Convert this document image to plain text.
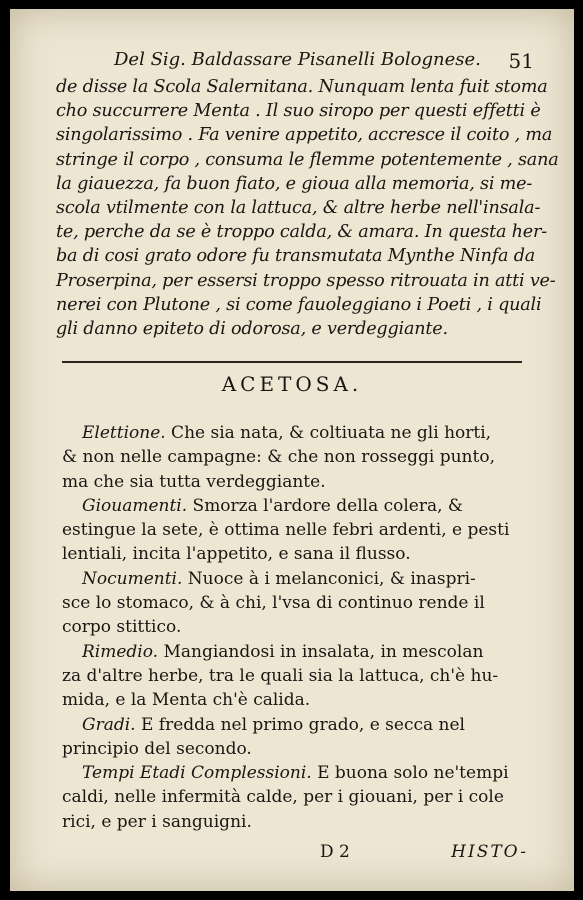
Del Sig. Baldassare Pisanelli Bolognese. 51
de disse la Scola Salernitana. Nunquam lenta fuit stoma
cho succurrere Menta . Il suo siropo per questi effetti è
singolarissimo . Fa venire appetito, accresce il coito , ma
stringe il corpo , consuma le flemme potentemente , sana
la giauezza, fa buon fiato, e gioua alla memoria, si me-
scola vtilmente con la lattuca, & altre herbe nell'insala-
te, perche da se è troppo calda, & amara. In questa her-
ba di cosi grato odore fu transmutata Mynthe Ninfa da
Proserpina, per essersi troppo spesso ritrouata in atti ve-
nerei con Plutone , si come fauoleggiano i Poeti , i quali
gli danno epiteto di odorosa, e verdeggiante.
ACETOSA.
Elettione. Che sia nata, & coltiuata ne gli horti,
& non nelle campagne: & che non rosseggi punto,
ma che sia tutta verdeggiante.
Giouamenti. Smorza l'ardore della colera, &
estingue la sete, è ottima nelle febri ardenti, e pesti
lentiali, incita l'appetito, e sana il flusso.
Nocumenti. Nuoce à i melanconici, & inaspri-
sce lo stomaco, & à chi, l'vsa di continuo rende il
corpo stittico.
Rimedio. Mangiandosi in insalata, in mescolan
za d'altre herbe, tra le quali sia la lattuca, ch'è hu-
mida, e la Menta ch'è calida.
Gradi. E fredda nel primo grado, e secca nel
principio del secondo.
Tempi Etadi Complessioni. E buona solo ne'tempi
caldi, nelle infermità calde, per i giouani, per i cole
rici, e per i sanguigni.
D 2	HISTO-
